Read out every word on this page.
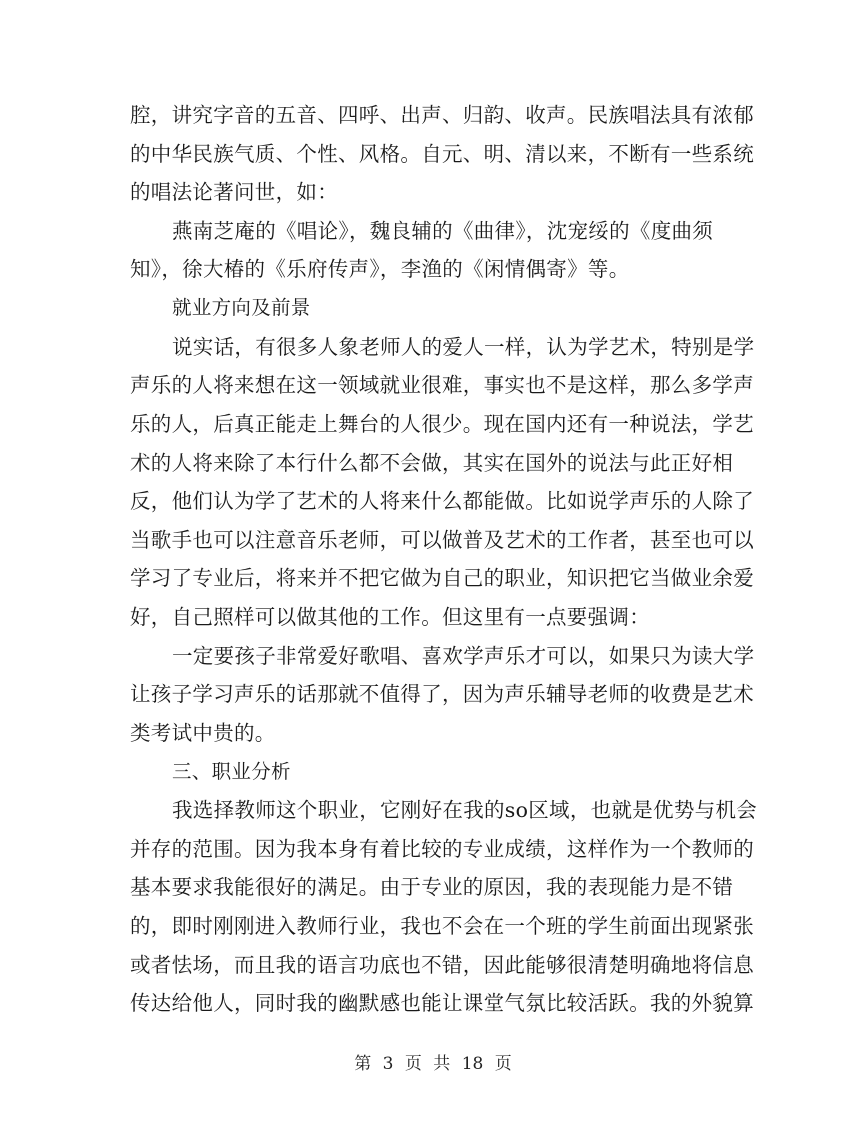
腔，讲究字音的五音、四呼、出声、归韵、收声。民族唱法具有浓郁
的中华民族气质、个性、风格。自元、明、清以来，不断有一些系统
的唱法论著问世，如：
燕南芝庵的《唱论》，魏良辅的《曲律》，沈宠绥的《度曲须
知》，徐大椿的《乐府传声》，李渔的《闲情偶寄》等。
就业方向及前景
说实话，有很多人象老师人的爱人一样，认为学艺术，特别是学
声乐的人将来想在这一领域就业很难，事实也不是这样，那么多学声
乐的人，后真正能走上舞台的人很少。现在国内还有一种说法，学艺
术的人将来除了本行什么都不会做，其实在国外的说法与此正好相
反，他们认为学了艺术的人将来什么都能做。比如说学声乐的人除了
当歌手也可以注意音乐老师，可以做普及艺术的工作者，甚至也可以
学习了专业后，将来并不把它做为自己的职业，知识把它当做业余爱
好，自己照样可以做其他的工作。但这里有一点要强调：
一定要孩子非常爱好歌唱、喜欢学声乐才可以，如果只为读大学
让孩子学习声乐的话那就不值得了，因为声乐辅导老师的收费是艺术
类考试中贵的。
三、职业分析
我选择教师这个职业，它刚好在我的so区域，也就是优势与机会
并存的范围。因为我本身有着比较的专业成绩，这样作为一个教师的
基本要求我能很好的满足。由于专业的原因，我的表现能力是不错
的，即时刚刚进入教师行业，我也不会在一个班的学生前面出现紧张
或者怯场，而且我的语言功底也不错，因此能够很清楚明确地将信息
传达给他人，同时我的幽默感也能让课堂气氛比较活跃。我的外貌算
第 3 页 共 18 页
